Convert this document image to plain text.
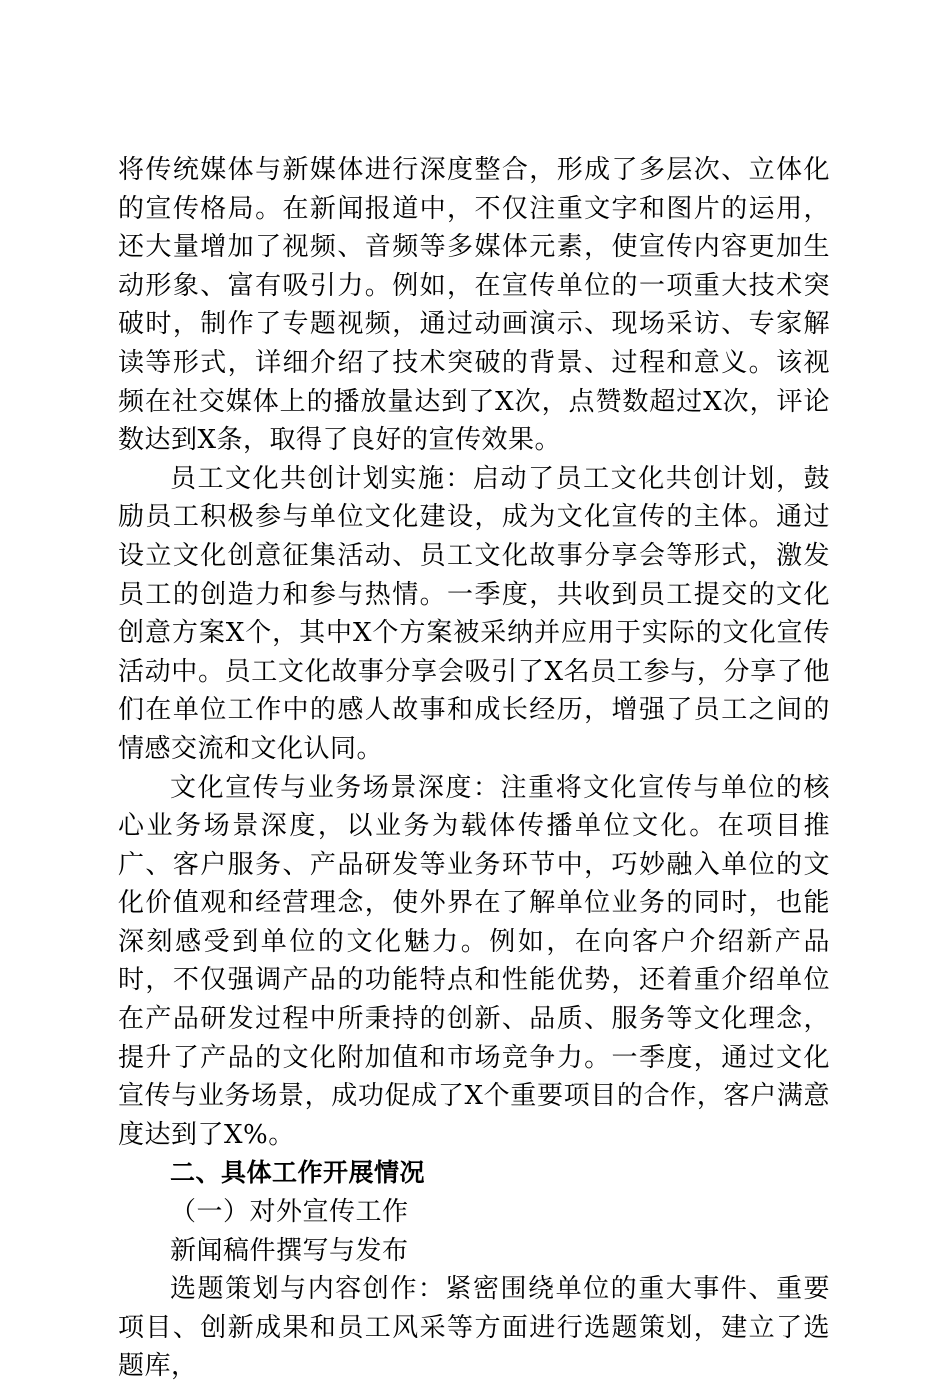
将传统媒体与新媒体进行深度整合，形成了多层次、立体化的宣传格局。在新闻报道中，不仅注重文字和图片的运用，还大量增加了视频、音频等多媒体元素，使宣传内容更加生动形象、富有吸引力。例如，在宣传单位的一项重大技术突破时，制作了专题视频，通过动画演示、现场采访、专家解读等形式，详细介绍了技术突破的背景、过程和意义。该视频在社交媒体上的播放量达到了X次，点赞数超过X次，评论数达到X条，取得了良好的宣传效果。

员工文化共创计划实施：启动了员工文化共创计划，鼓励员工积极参与单位文化建设，成为文化宣传的主体。通过设立文化创意征集活动、员工文化故事分享会等形式，激发员工的创造力和参与热情。一季度，共收到员工提交的文化创意方案X个，其中X个方案被采纳并应用于实际的文化宣传活动中。员工文化故事分享会吸引了X名员工参与，分享了他们在单位工作中的感人故事和成长经历，增强了员工之间的情感交流和文化认同。

文化宣传与业务场景深度：注重将文化宣传与单位的核心业务场景深度，以业务为载体传播单位文化。在项目推广、客户服务、产品研发等业务环节中，巧妙融入单位的文化价值观和经营理念，使外界在了解单位业务的同时，也能深刻感受到单位的文化魅力。例如，在向客户介绍新产品时，不仅强调产品的功能特点和性能优势，还着重介绍单位在产品研发过程中所秉持的创新、品质、服务等文化理念，提升了产品的文化附加值和市场竞争力。一季度，通过文化宣传与业务场景，成功促成了X个重要项目的合作，客户满意度达到了X%。

二、具体工作开展情况

（一）对外宣传工作

新闻稿件撰写与发布

选题策划与内容创作：紧密围绕单位的重大事件、重要项目、创新成果和员工风采等方面进行选题策划，建立了选题库，
